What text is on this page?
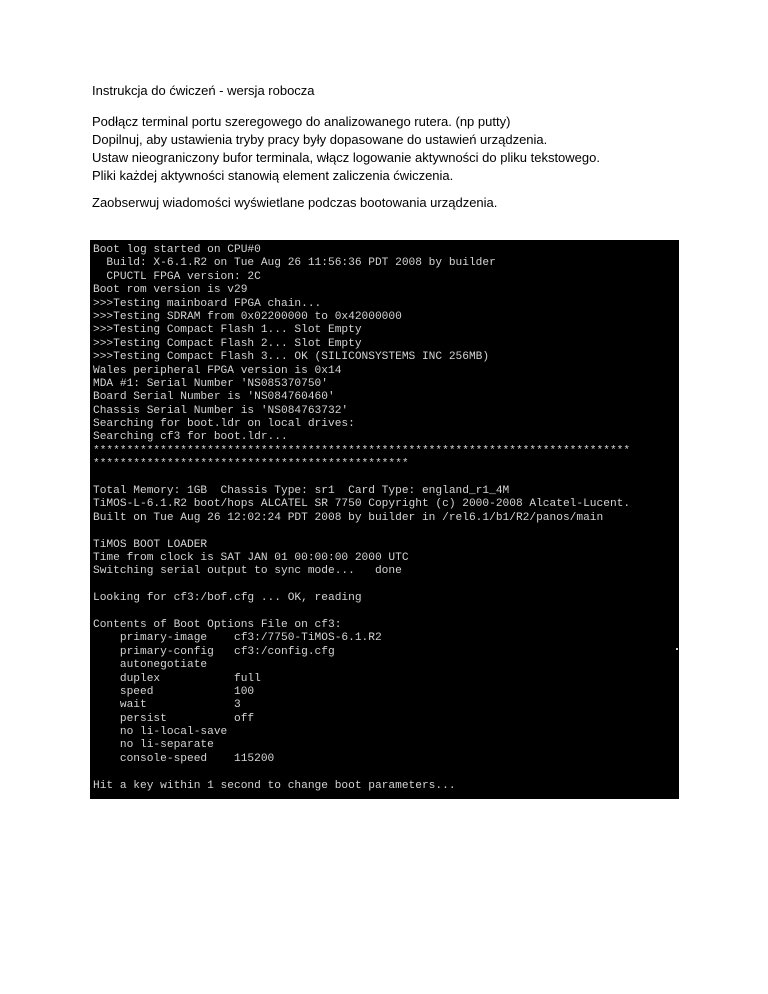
Instrukcja do ćwiczeń - wersja robocza
Podłącz terminal portu szeregowego do analizowanego rutera. (np putty)
Dopilnuj, aby ustawienia tryby pracy były dopasowane do ustawień urządzenia.
Ustaw nieograniczony bufor terminala, włącz logowanie aktywności do pliku tekstowego.
Pliki każdej aktywności stanowią element zaliczenia ćwiczenia.
Zaobserwuj wiadomości wyświetlane podczas bootowania urządzenia.
Boot log started on CPU#0
Build: X-6.1.R2 on Tue Aug 26 11:56:36 PDT 2008 by builder
CPUCTL FPGA version: 2C
Boot rom version is v29
>>>Testing mainboard FPGA chain...
>>>Testing SDRAM from 0x02200000 to 0x42000000
>>>Testing Compact Flash 1... Slot Empty
>>>Testing Compact Flash 2... Slot Empty
>>>Testing Compact Flash 3... OK (SILICONSYSTEMS INC 256MB)
Wales peripheral FPGA version is 0x14
MDA #1: Serial Number 'NS085370750'
Board Serial Number is 'NS084760460'
Chassis Serial Number is 'NS084763732'
Searching for boot.ldr on local drives:
Searching cf3 for boot.ldr...
********************************************************************************
***********************************************
Total Memory: 1GB  Chassis Type: sr1  Card Type: england_r1_4M
TiMOS-L-6.1.R2 boot/hops ALCATEL SR 7750 Copyright (c) 2000-2008 Alcatel-Lucent.
Built on Tue Aug 26 12:02:24 PDT 2008 by builder in /rel6.1/b1/R2/panos/main
TiMOS BOOT LOADER
Time from clock is SAT JAN 01 00:00:00 2000 UTC
Switching serial output to sync mode...   done
Looking for cf3:/bof.cfg ... OK, reading
Contents of Boot Options File on cf3:
primary-image    cf3:/7750-TiMOS-6.1.R2
primary-config   cf3:/config.cfg
autonegotiate
duplex           full
speed            100
wait             3
persist          off
no li-local-save
no li-separate
console-speed    115200
Hit a key within 1 second to change boot parameters...
